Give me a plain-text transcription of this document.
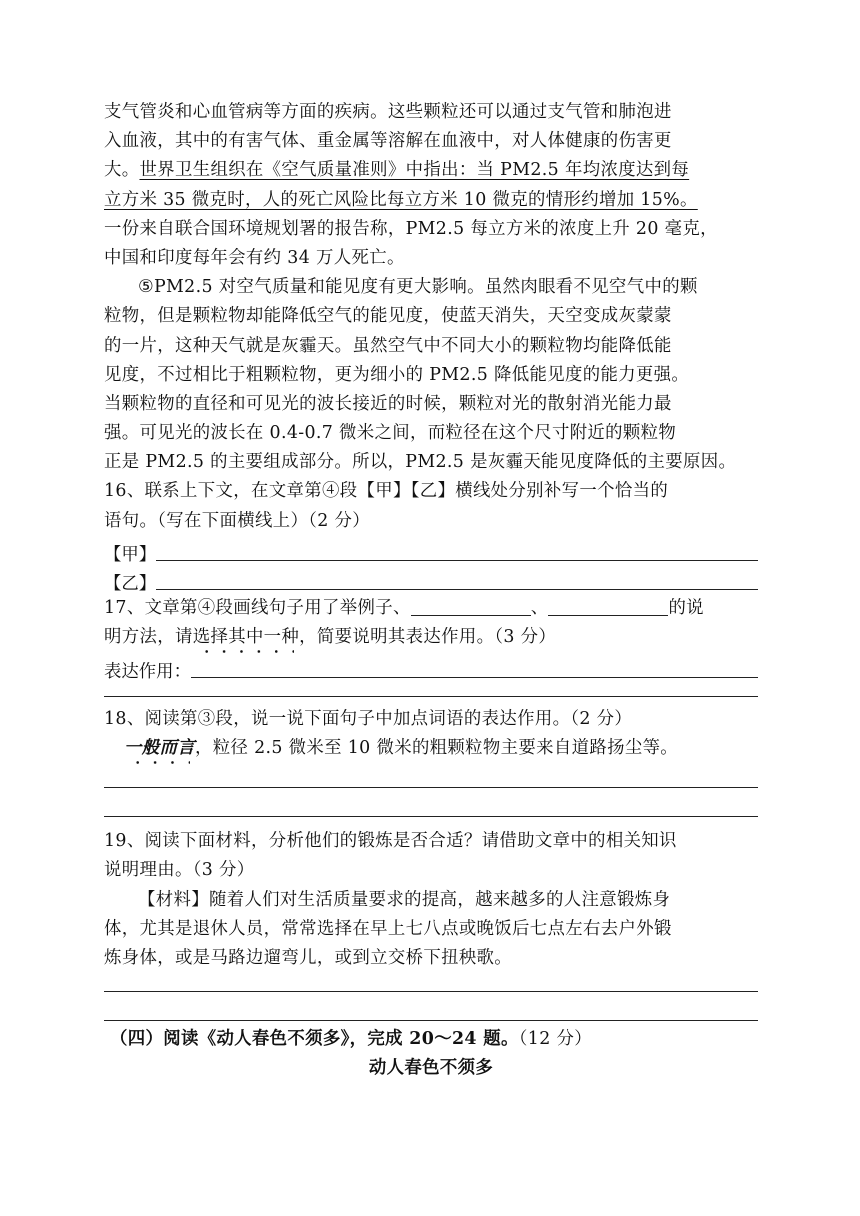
支气管炎和心血管病等方面的疾病。这些颗粒还可以通过支气管和肺泡进
入血液，其中的有害气体、重金属等溶解在血液中，对人体健康的伤害更
大。世界卫生组织在《空气质量准则》中指出：当 PM2.5 年均浓度达到每
立方米 35 微克时，人的死亡风险比每立方米 10 微克的情形约增加 15%。
一份来自联合国环境规划署的报告称，PM2.5 每立方米的浓度上升 20 毫克，
中国和印度每年会有约 34 万人死亡。
⑤PM2.5 对空气质量和能见度有更大影响。虽然肉眼看不见空气中的颗
粒物，但是颗粒物却能降低空气的能见度，使蓝天消失，天空变成灰蒙蒙
的一片，这种天气就是灰霾天。虽然空气中不同大小的颗粒物均能降低能
见度，不过相比于粗颗粒物，更为细小的 PM2.5 降低能见度的能力更强。
当颗粒物的直径和可见光的波长接近的时候，颗粒对光的散射消光能力最
强。可见光的波长在 0.4-0.7 微米之间，而粒径在这个尺寸附近的颗粒物
正是 PM2.5 的主要组成部分。所以，PM2.5 是灰霾天能见度降低的主要原因。
16、联系上下文，在文章第④段【甲】【乙】横线处分别补写一个恰当的
语句。（写在下面横线上）（2 分）
【甲】
【乙】
17、文章第④段画线句子用了举例子、	、	的说
明方法，请选择其中一种，简要说明其表达作用。（3 分）
表达作用：
18、阅读第③段，说一说下面句子中加点词语的表达作用。（2 分）
一般而言，粒径 2.5 微米至 10 微米的粗颗粒物主要来自道路扬尘等。
19、阅读下面材料，分析他们的锻炼是否合适？请借助文章中的相关知识
说明理由。（3 分）
【材料】随着人们对生活质量要求的提高，越来越多的人注意锻炼身
体，尤其是退休人员，常常选择在早上七八点或晚饭后七点左右去户外锻
炼身体，或是马路边遛弯儿，或到立交桥下扭秧歌。
（四）阅读《动人春色不须多》，完成 20～24 题。（12 分）
动人春色不须多
